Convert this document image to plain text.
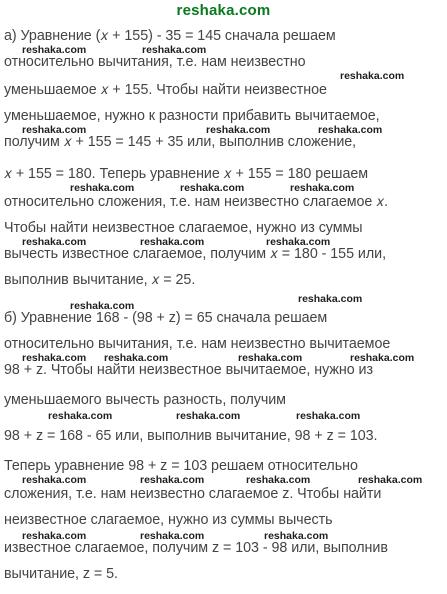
reshaka.com
а) Уравнение (𝑥 + 155) - 35 = 145 сначала решаем
относительно вычитания, т.е. нам неизвестно
уменьшаемое 𝑥 + 155. Чтобы найти неизвестное
уменьшаемое, нужно к разности прибавить вычитаемое,
получим 𝑥 + 155 = 145 + 35 или, выполнив сложение,
𝑥 + 155 = 180. Теперь уравнение 𝑥 + 155 = 180 решаем
относительно сложения, т.е. нам неизвестно слагаемое 𝑥.
Чтобы найти неизвестное слагаемое, нужно из суммы
вычесть известное слагаемое, получим 𝑥 = 180 - 155 или,
выполнив вычитание, 𝑥 = 25.
б) Уравнение 168 - (98 + z) = 65 сначала решаем
относительно вычитания, т.е. нам неизвестно вычитаемое
98 + z. Чтобы найти неизвестное вычитаемое, нужно из
уменьшаемого вычесть разность, получим
98 + z = 168 - 65 или, выполнив вычитание, 98 + z = 103.
Теперь уравнение 98 + z = 103 решаем относительно
сложения, т.е. нам неизвестно слагаемое z. Чтобы найти
неизвестное слагаемое, нужно из суммы вычесть
известное слагаемое, получим z = 103 - 98 или, выполнив
вычитание, z = 5.
reshaka.com	reshaka.com
reshaka.com
reshaka.com	reshaka.com	reshaka.com
reshaka.com	reshaka.com	reshaka.com
reshaka.com	reshaka.com	reshaka.com
reshaka.com
reshaka.com
reshaka.com reshaka.com	reshaka.com	reshaka.com
reshaka.com	reshaka.com	reshaka.com
reshaka.com	reshaka.com	reshaka.com	reshaka.com
reshaka.com	reshaka.com	reshaka.com
